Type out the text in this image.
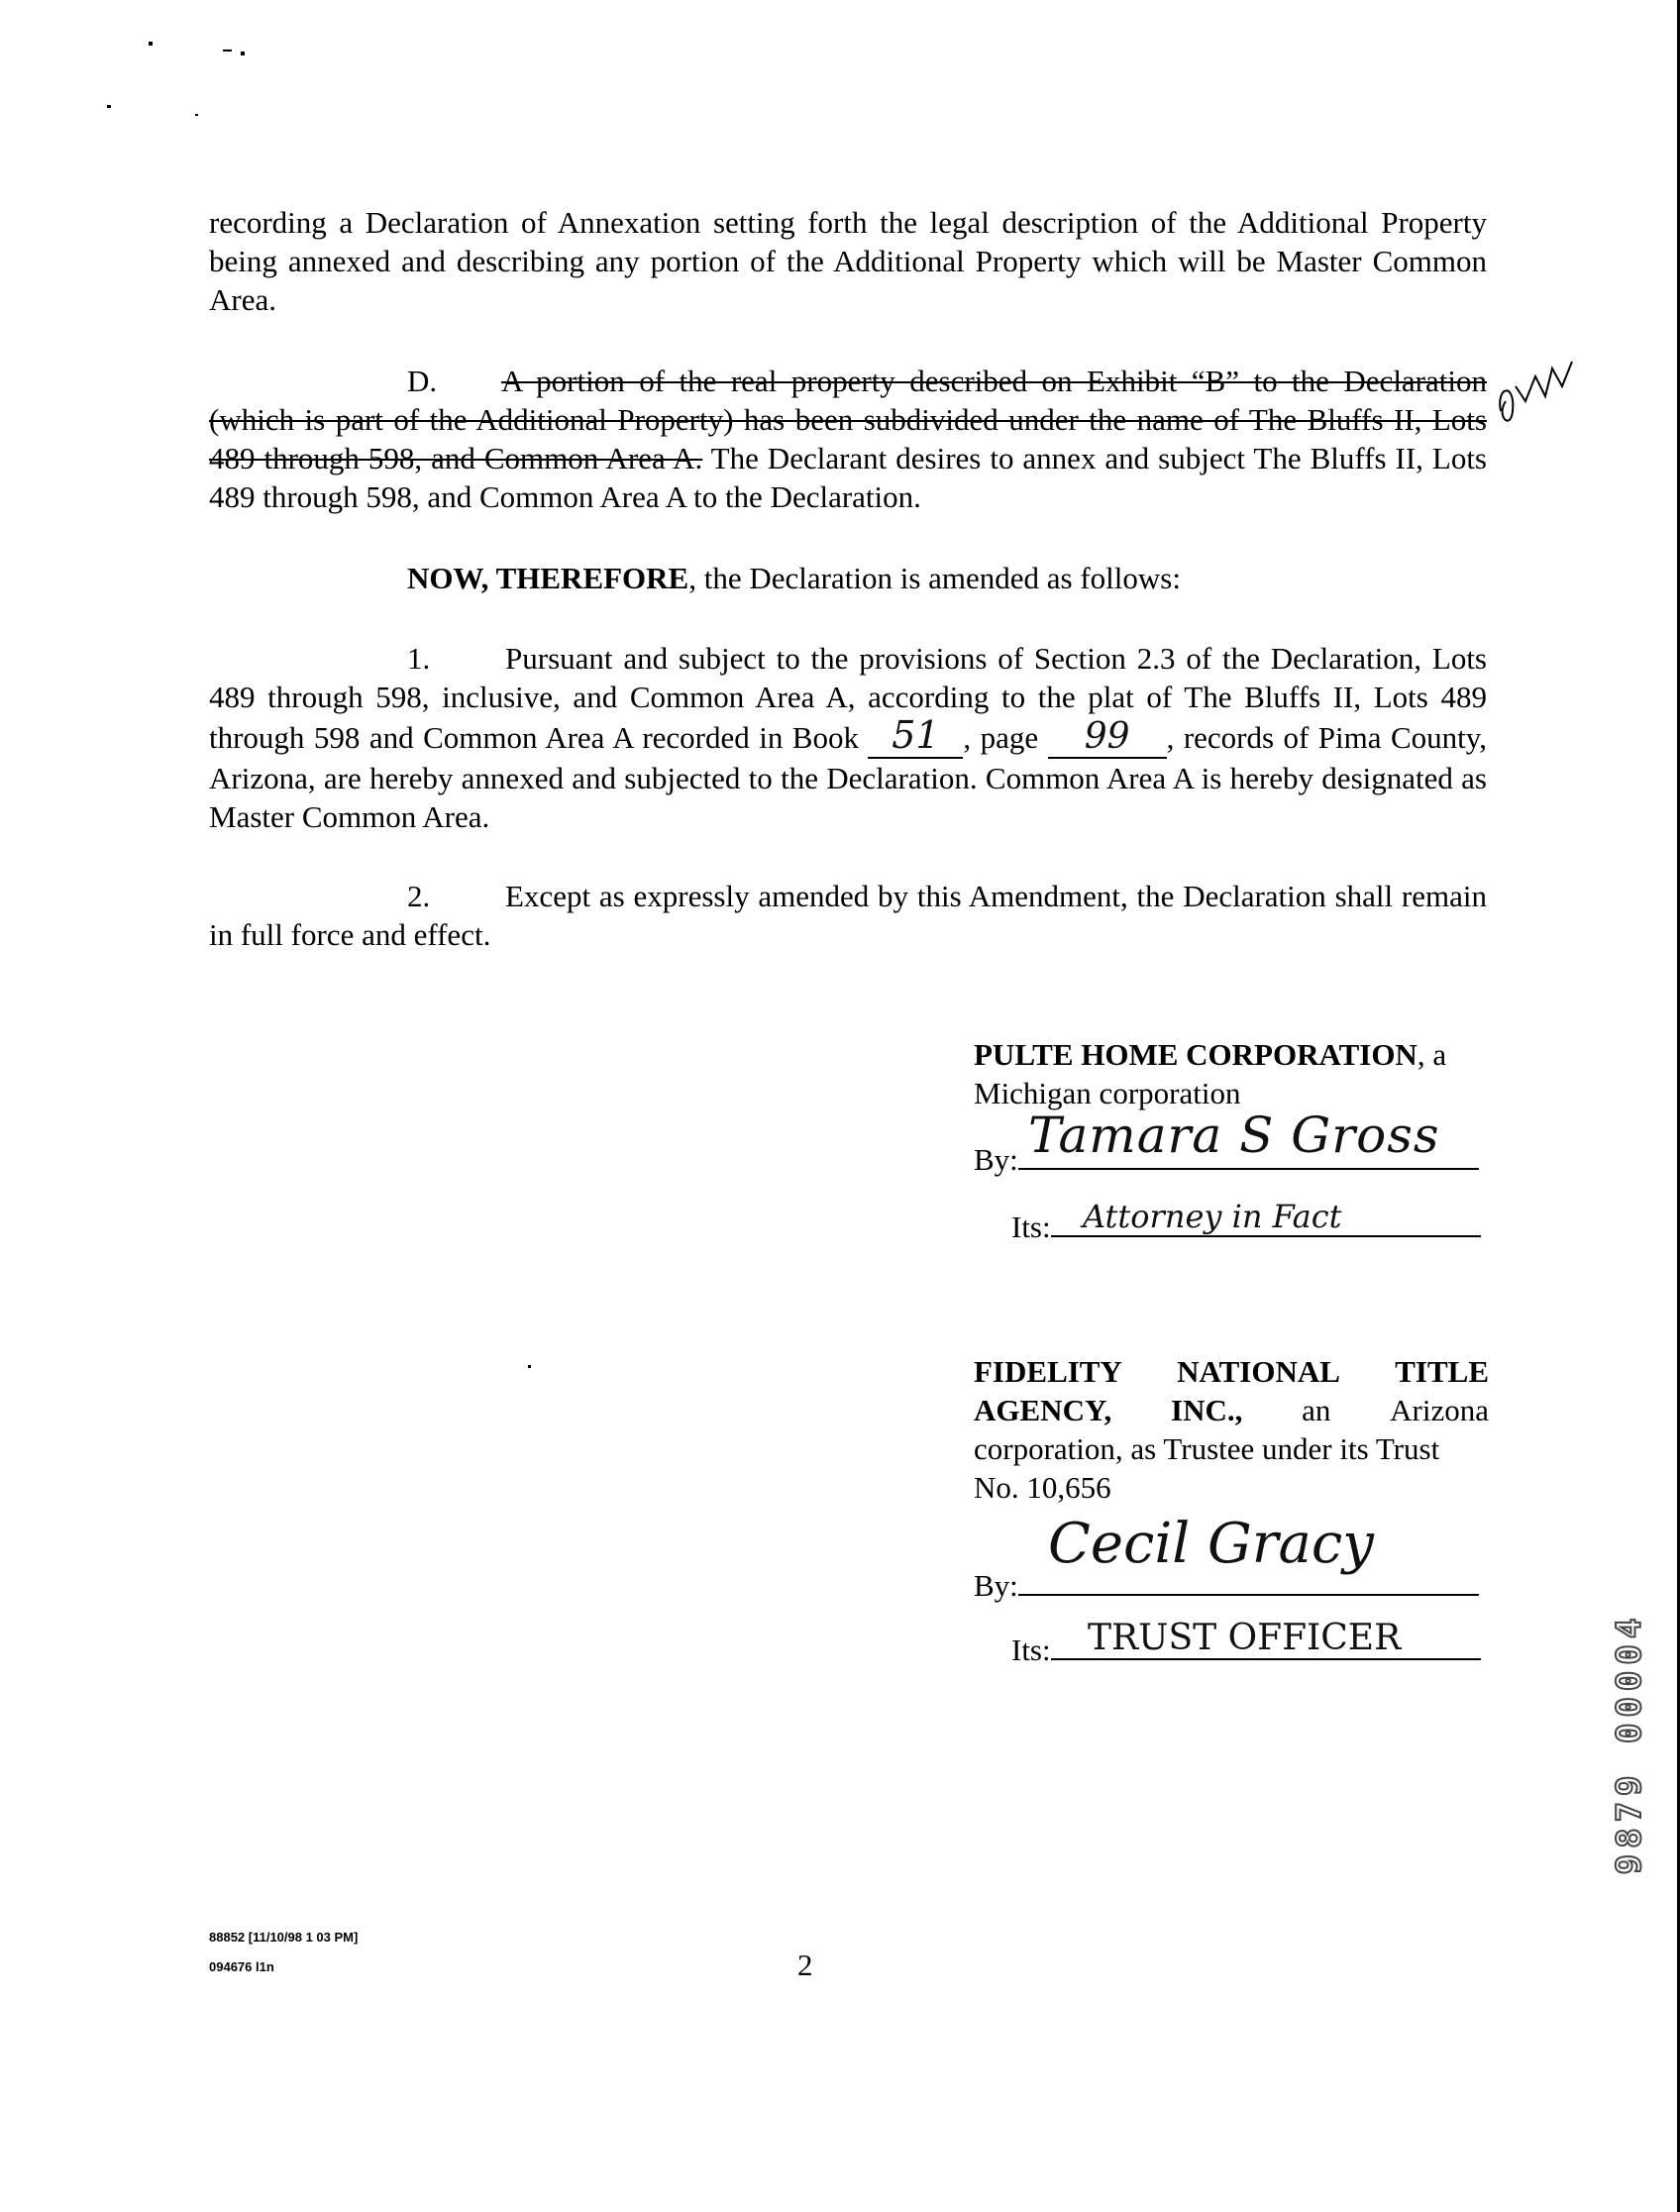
recording a Declaration of Annexation setting forth the legal description of the Additional Property being annexed and describing any portion of the Additional Property which will be Master Common Area.
D. A portion of the real property described on Exhibit “B” to the Declaration (which is part of the Additional Property) has been subdivided under the name of The Bluffs II, Lots 489 through 598, and Common Area A. The Declarant desires to annex and subject The Bluffs II, Lots 489 through 598, and Common Area A to the Declaration.
NOW, THEREFORE, the Declaration is amended as follows:
1. Pursuant and subject to the provisions of Section 2.3 of the Declaration, Lots 489 through 598, inclusive, and Common Area A, according to the plat of The Bluffs II, Lots 489 through 598 and Common Area A recorded in Book 51 , page 99 , records of Pima County, Arizona, are hereby annexed and subjected to the Declaration. Common Area A is hereby designated as Master Common Area.
2. Except as expressly amended by this Amendment, the Declaration shall remain in full force and effect.
PULTE HOME CORPORATION, a
Michigan corporation
By: Tamara S Gross
Its: Attorney in Fact
FIDELITY NATIONAL TITLE
AGENCY, INC., an Arizona
corporation, as Trustee under its Trust
No. 10,656
By:
Cecil Gracy
Its: TRUST OFFICER
88852 [11/10/98 1 03 PM]
094676 l1n	2
9879 00004
